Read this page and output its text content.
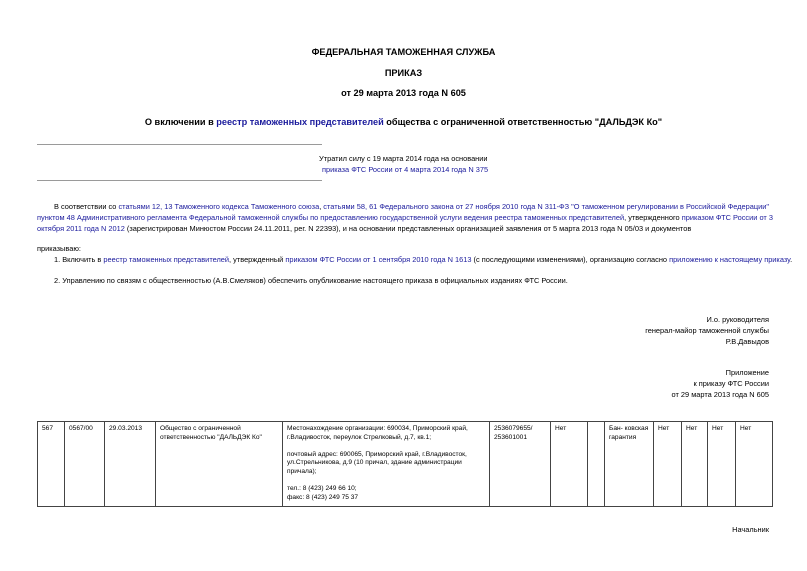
ФЕДЕРАЛЬНАЯ ТАМОЖЕННАЯ СЛУЖБА
ПРИКАЗ
от 29 марта 2013 года N 605
О включении в реестр таможенных представителей общества с ограниченной ответственностью "ДАЛЬДЭК Ко"
Утратил силу с 19 марта 2014 года на основании
приказа ФТС России от 4 марта 2014 года N 375
В соответствии со статьями 12, 13 Таможенного кодекса Таможенного союза, статьями 58, 61 Федерального закона от 27 ноября 2010 года N 311-ФЗ "О таможенном регулировании в Российской Федерации"
пунктом 48 Административного регламента Федеральной таможенной службы по предоставлению государственной услуги ведения реестра таможенных представителей, утвержденного приказом ФТС России от 3
октября 2011 года N 2012 (зарегистрирован Минюстом России 24.11.2011, рег. N 22393), и на основании представленных организацией заявления от 5 марта 2013 года N 05/03 и документов
приказываю:
1. Включить в реестр таможенных представителей, утвержденный приказом ФТС России от 1 сентября 2010 года N 1613 (с последующими изменениями), организацию согласно приложению к настоящему приказу.
2. Управлению по связям с общественностью (А.В.Смеляков) обеспечить опубликование настоящего приказа в официальных изданиях ФТС России.
И.о. руководителя
генерал-майор таможенной службы
Р.В.Давыдов
Приложение
к приказу ФТС России
от 29 марта 2013 года N 605
567	0567/00	29.03.2013	Общество с ограниченной ответственностью "ДАЛЬДЭК Ко"	
Местонахождение организации: 690034, Приморский край, г.Владивосток, переулок Стрелковый, д.7, кв.1;
почтовый адрес: 690065, Приморский край, г.Владивосток, ул.Стрельникова, д.9 (10 причал, здание администрации причала);
тел.: 8 (423) 249 66 10;
факс: 8 (423) 249 75 37
	2536079655/ 253601001	Нет		Бан- ковская гарантия	Нет	Нет	Нет	Нет
Начальник
